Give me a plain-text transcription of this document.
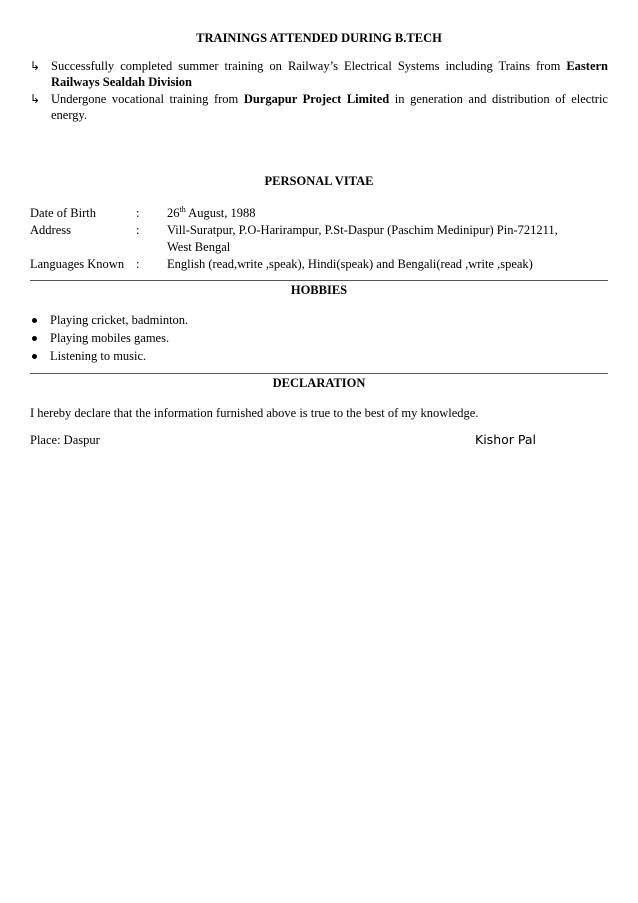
TRAININGS ATTENDED DURING B.TECH
↳ Successfully completed summer training on Railway’s Electrical Systems including Trains from Eastern Railways Sealdah Division
↳ Undergone vocational training from Durgapur Project Limited in generation and distribution of electric energy.
PERSONAL VITAE
Date of Birth	:	26th August, 1988
Address	:	Vill-Suratpur, P.O-Harirampur, P.St-Daspur (Paschim Medinipur) Pin-721211,
West Bengal

Languages Known	:	English (read,write ,speak), Hindi(speak) and Bengali(read ,write ,speak)
HOBBIES
Playing cricket, badminton.
Playing mobiles games.
Listening to music.
DECLARATION

I hereby declare that the information furnished above is true to the best of my knowledge.

Place: Daspur	Kishor Pal
